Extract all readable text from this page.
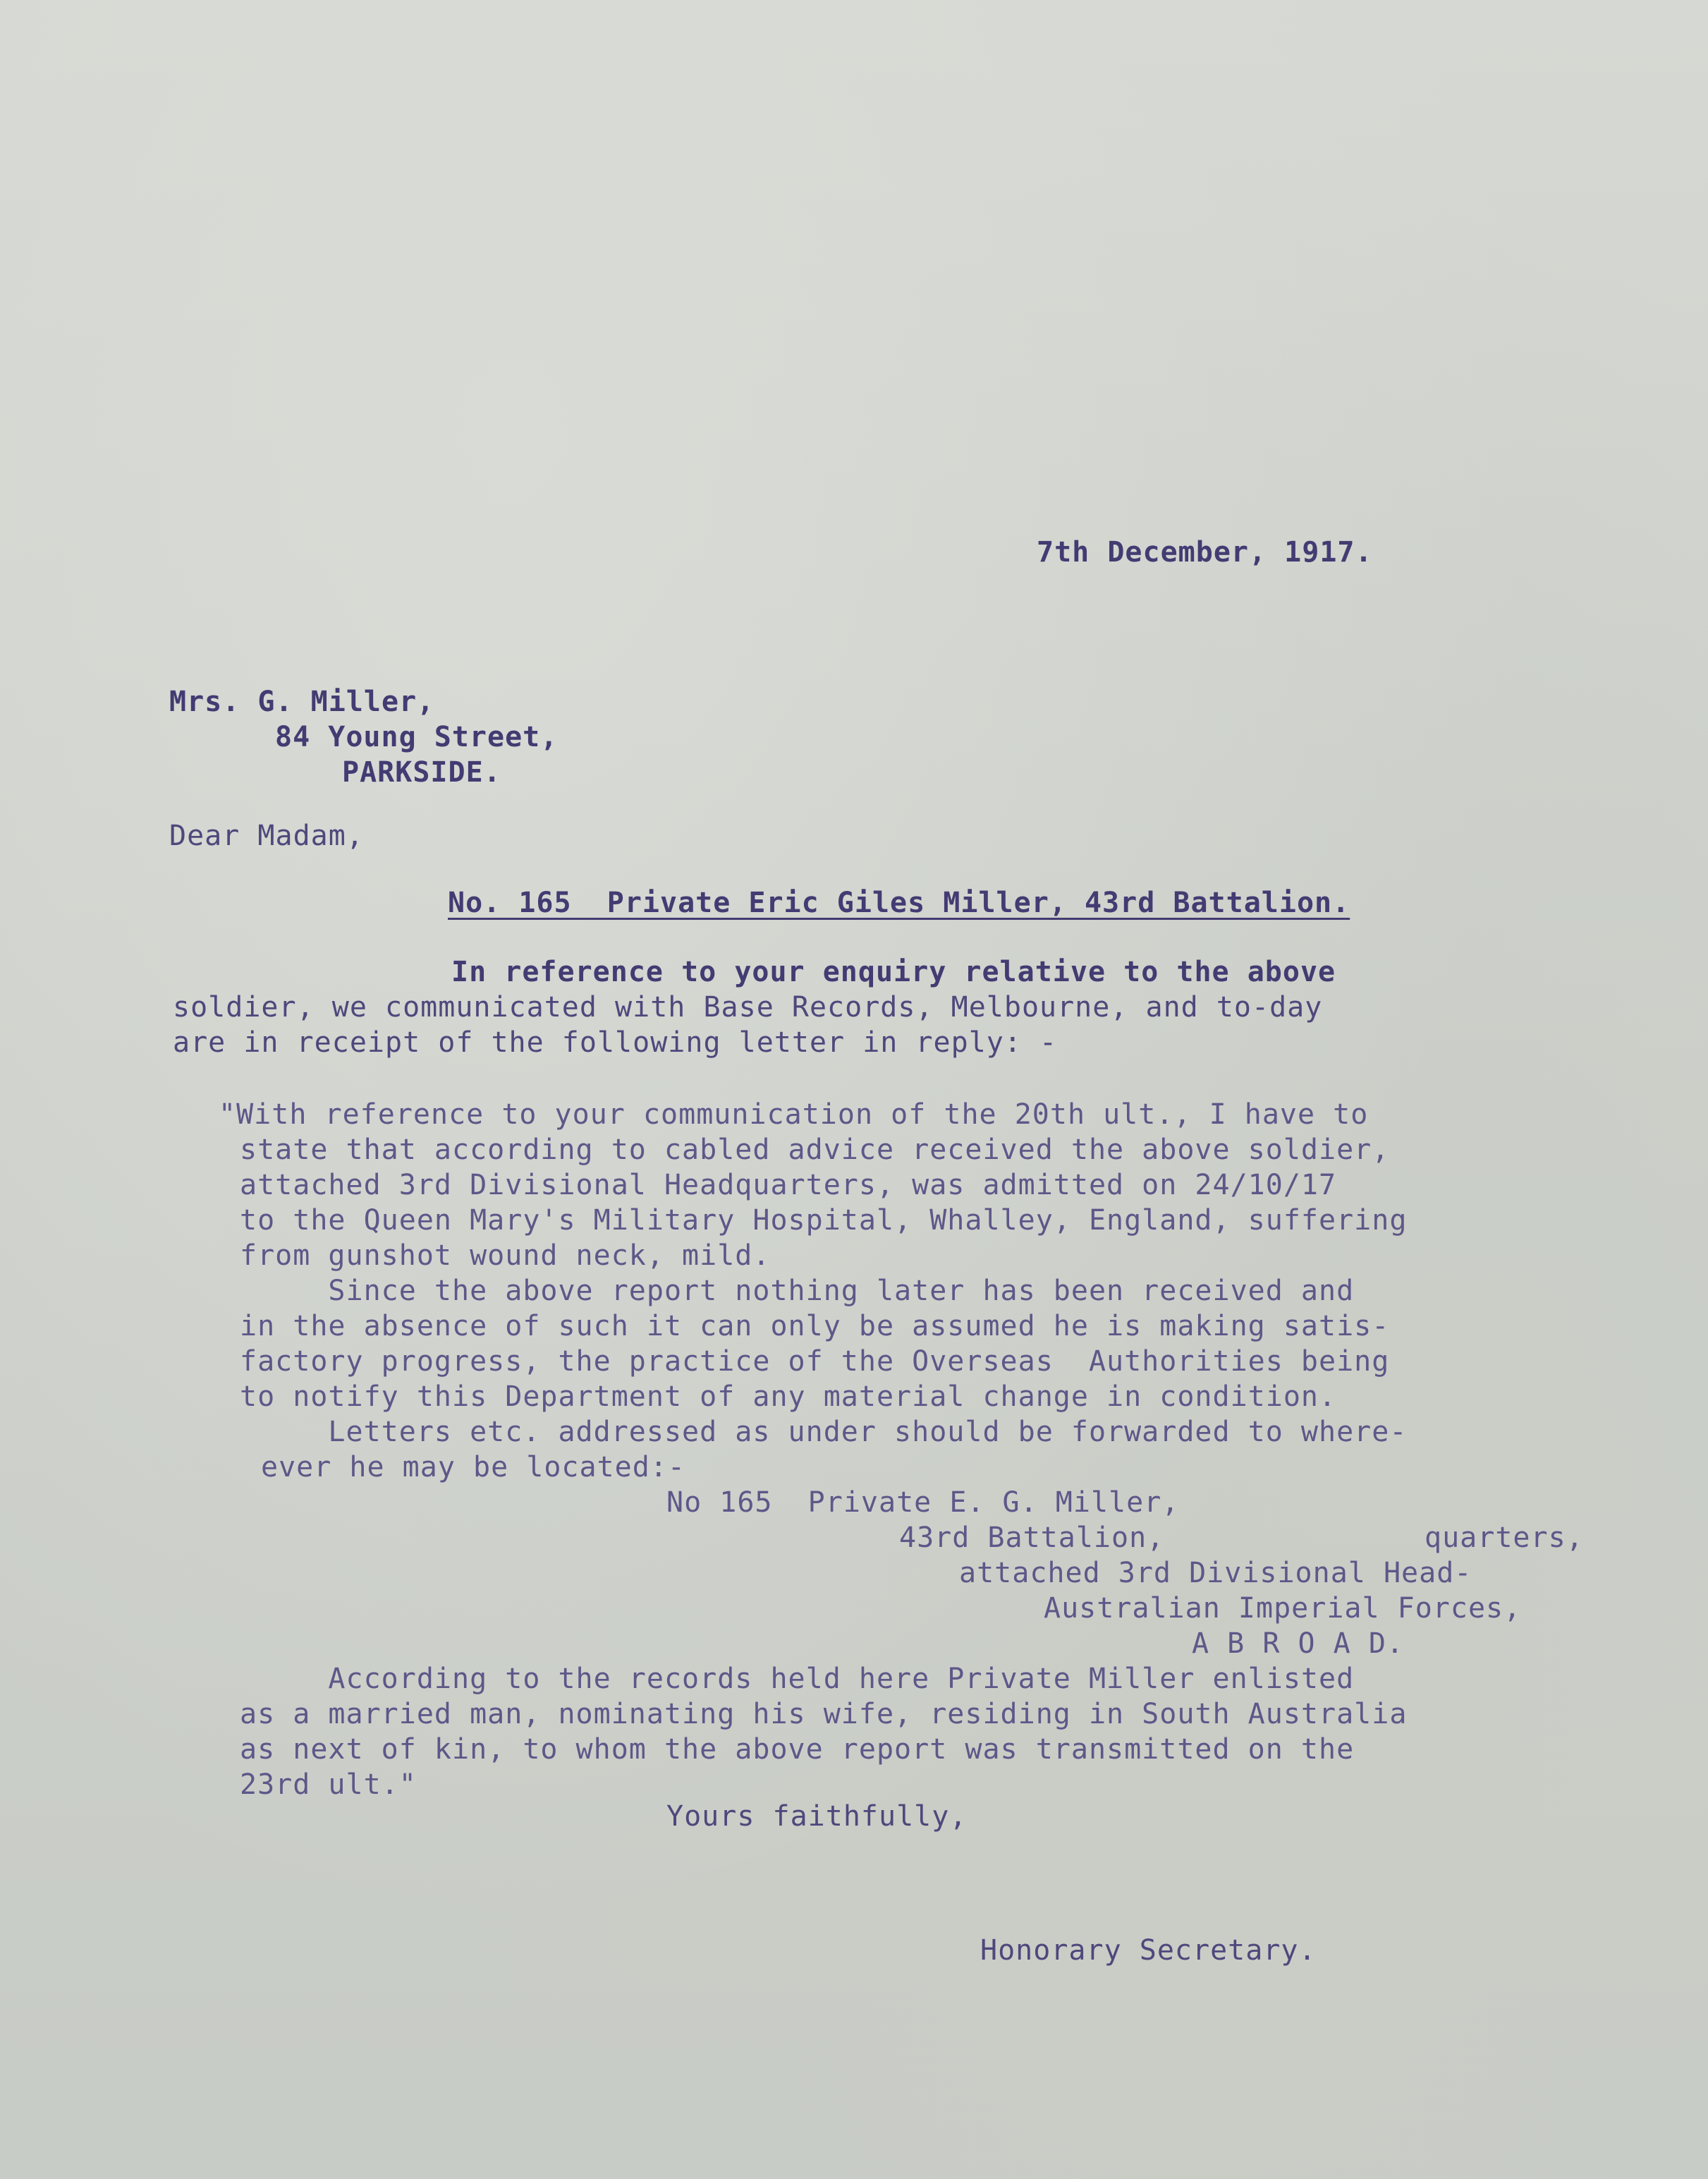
7th December, 1917.
Mrs. G. Miller,
84 Young Street,
PARKSIDE.
Dear Madam,
No. 165  Private Eric Giles Miller, 43rd Battalion.
In reference to your enquiry relative to the above
soldier, we communicated with Base Records, Melbourne, and to-day
are in receipt of the following letter in reply: -
"With reference to your communication of the 20th ult., I have to
state that according to cabled advice received the above soldier,
attached 3rd Divisional Headquarters, was admitted on 24/10/17
to the Queen Mary's Military Hospital, Whalley, England, suffering
from gunshot wound neck, mild.
Since the above report nothing later has been received and
in the absence of such it can only be assumed he is making satis-
factory progress, the practice of the Overseas  Authorities being
to notify this Department of any material change in condition.
Letters etc. addressed as under should be forwarded to where-
ever he may be located:-
No 165  Private E. G. Miller,
43rd Battalion,	quarters,
attached 3rd Divisional Head-
Australian Imperial Forces,
A B R O A D.
According to the records held here Private Miller enlisted
as a married man, nominating his wife, residing in South Australia
as next of kin, to whom the above report was transmitted on the
23rd ult."
Yours faithfully,
Honorary Secretary.
